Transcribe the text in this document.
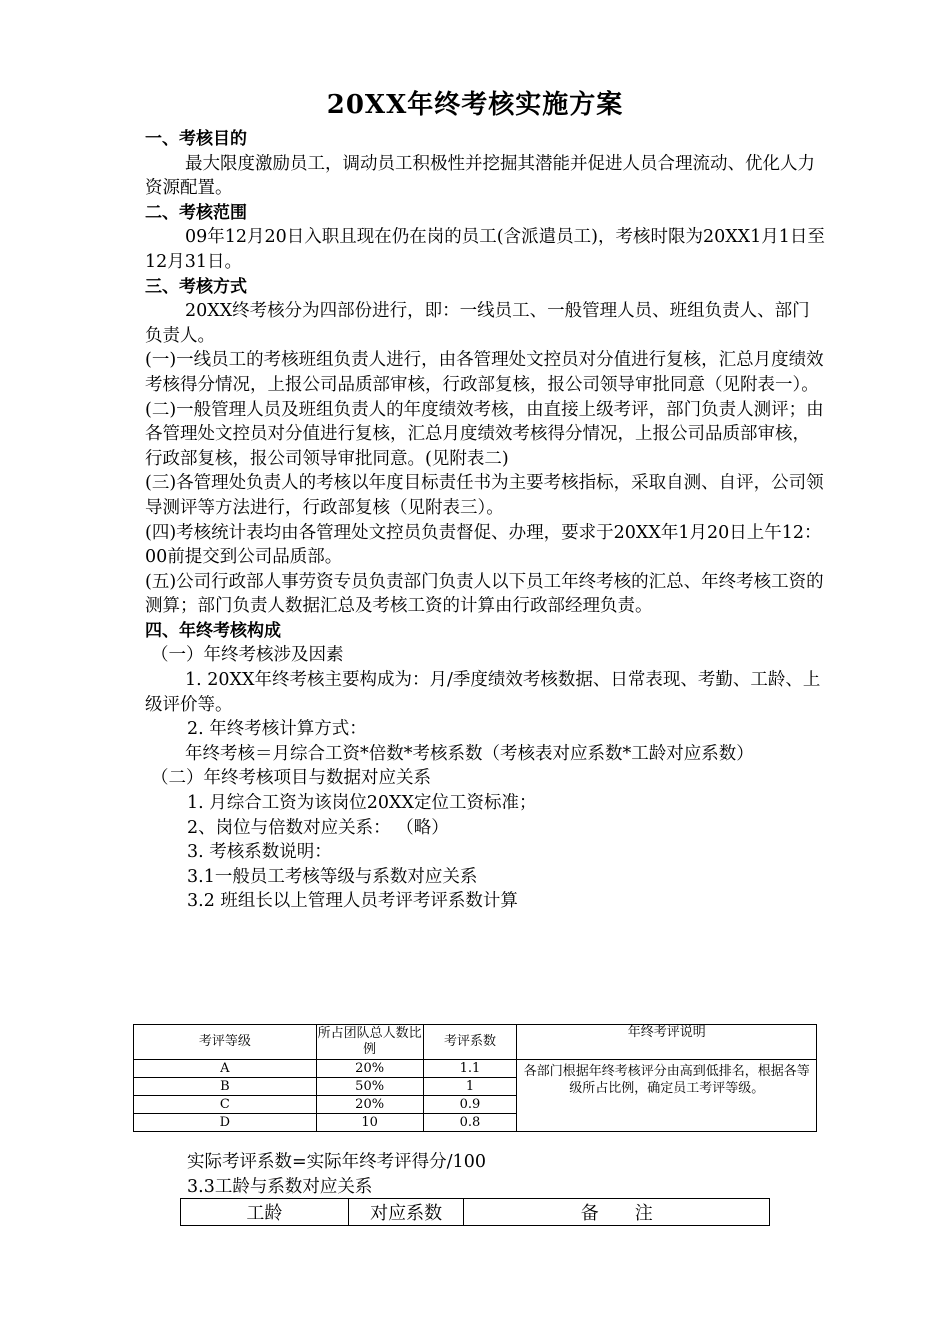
20XX年终考核实施方案

一、考核目的

最大限度激励员工，调动员工积极性并挖掘其潜能并促进人员合理流动、优化人力资源配置。

二、考核范围

09年12月20日入职且现在仍在岗的员工(含派遣员工)，考核时限为20XX1月1日至12月31日。

三、考核方式

20XX终考核分为四部份进行，即：一线员工、一般管理人员、班组负责人、部门负责人。

(一)一线员工的考核班组负责人进行，由各管理处文控员对分值进行复核，汇总月度绩效考核得分情况，上报公司品质部审核，行政部复核，报公司领导审批同意（见附表一）。

(二)一般管理人员及班组负责人的年度绩效考核，由直接上级考评，部门负责人测评；由各管理处文控员对分值进行复核，汇总月度绩效考核得分情况，上报公司品质部审核，行政部复核，报公司领导审批同意。(见附表二)

(三)各管理处负责人的考核以年度目标责任书为主要考核指标，采取自测、自评，公司领导测评等方法进行，行政部复核（见附表三）。

(四)考核统计表均由各管理处文控员负责督促、办理，要求于20XX年1月20日上午12：00前提交到公司品质部。

(五)公司行政部人事劳资专员负责部门负责人以下员工年终考核的汇总、年终考核工资的测算；部门负责人数据汇总及考核工资的计算由行政部经理负责。

四、年终考核构成

（一）年终考核涉及因素

1. 20XX年终考核主要构成为：月/季度绩效考核数据、日常表现、考勤、工龄、上级评价等。

2. 年终考核计算方式：

年终考核＝月综合工资*倍数*考核系数（考核表对应系数*工龄对应系数）

（二）年终考核项目与数据对应关系

1. 月综合工资为该岗位20XX定位工资标准；

2、岗位与倍数对应关系： （略）

3. 考核系数说明：

3.1一般员工考核等级与系数对应关系

3.2 班组长以上管理人员考评考评系数计算

考评等级	所占团队总人数比例	考评系数	年终考评说明
A	20%	1.1	各部门根据年终考核评分由高到低排名，根据各等级所占比例，确定员工考评等级。
B	50%	1	
C	20%	0.9	
D	10	0.8	

实际考评系数=实际年终考评得分/100

3.3工龄与系数对应关系

工龄	对应系数	备　　注
